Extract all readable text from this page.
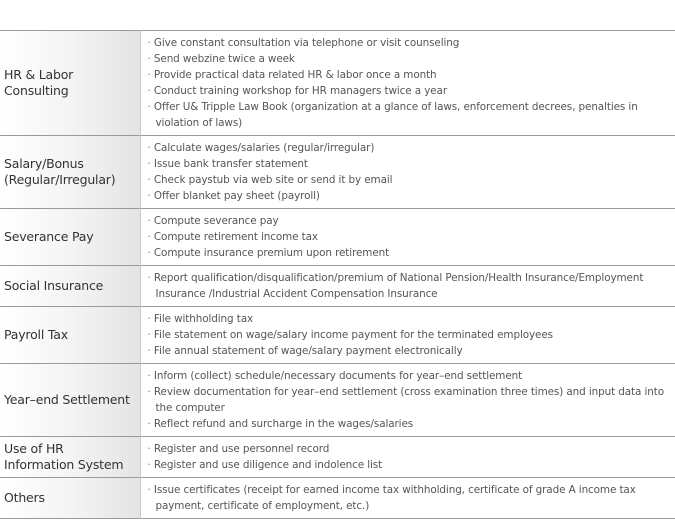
HR & Labor Consulting	· Give constant consultation via telephone or visit counseling
· Send webzine twice a week
· Provide practical data related HR & labor once a month
· Conduct training workshop for HR managers twice a year
· Offer U& Tripple Law Book (organization at a glance of laws, enforcement decrees, penalties in violation of laws)

Salary/Bonus
(Regular/Irregular)	· Calculate wages/salaries (regular/irregular)
· Issue bank transfer statement
· Check paystub via web site or send it by email
· Offer blanket pay sheet (payroll)

Severance Pay	· Compute severance pay
· Compute retirement income tax
· Compute insurance premium upon retirement

Social Insurance	· Report qualification/disqualification/premium of National Pension/Health Insurance/Employment Insurance /Industrial Accident Compensation Insurance

Payroll Tax	· File withholding tax
· File statement on wage/salary income payment for the terminated employees
· File annual statement of wage/salary payment electronically

Year–end Settlement	· Inform (collect) schedule/necessary documents for year–end settlement
· Review documentation for year–end settlement (cross examination three times) and input data into the computer
· Reflect refund and surcharge in the wages/salaries

Use of HR
Information System	· Register and use personnel record
· Register and use diligence and indolence list

Others	· Issue certificates (receipt for earned income tax withholding, certificate of grade A income tax payment, certificate of employment, etc.)
